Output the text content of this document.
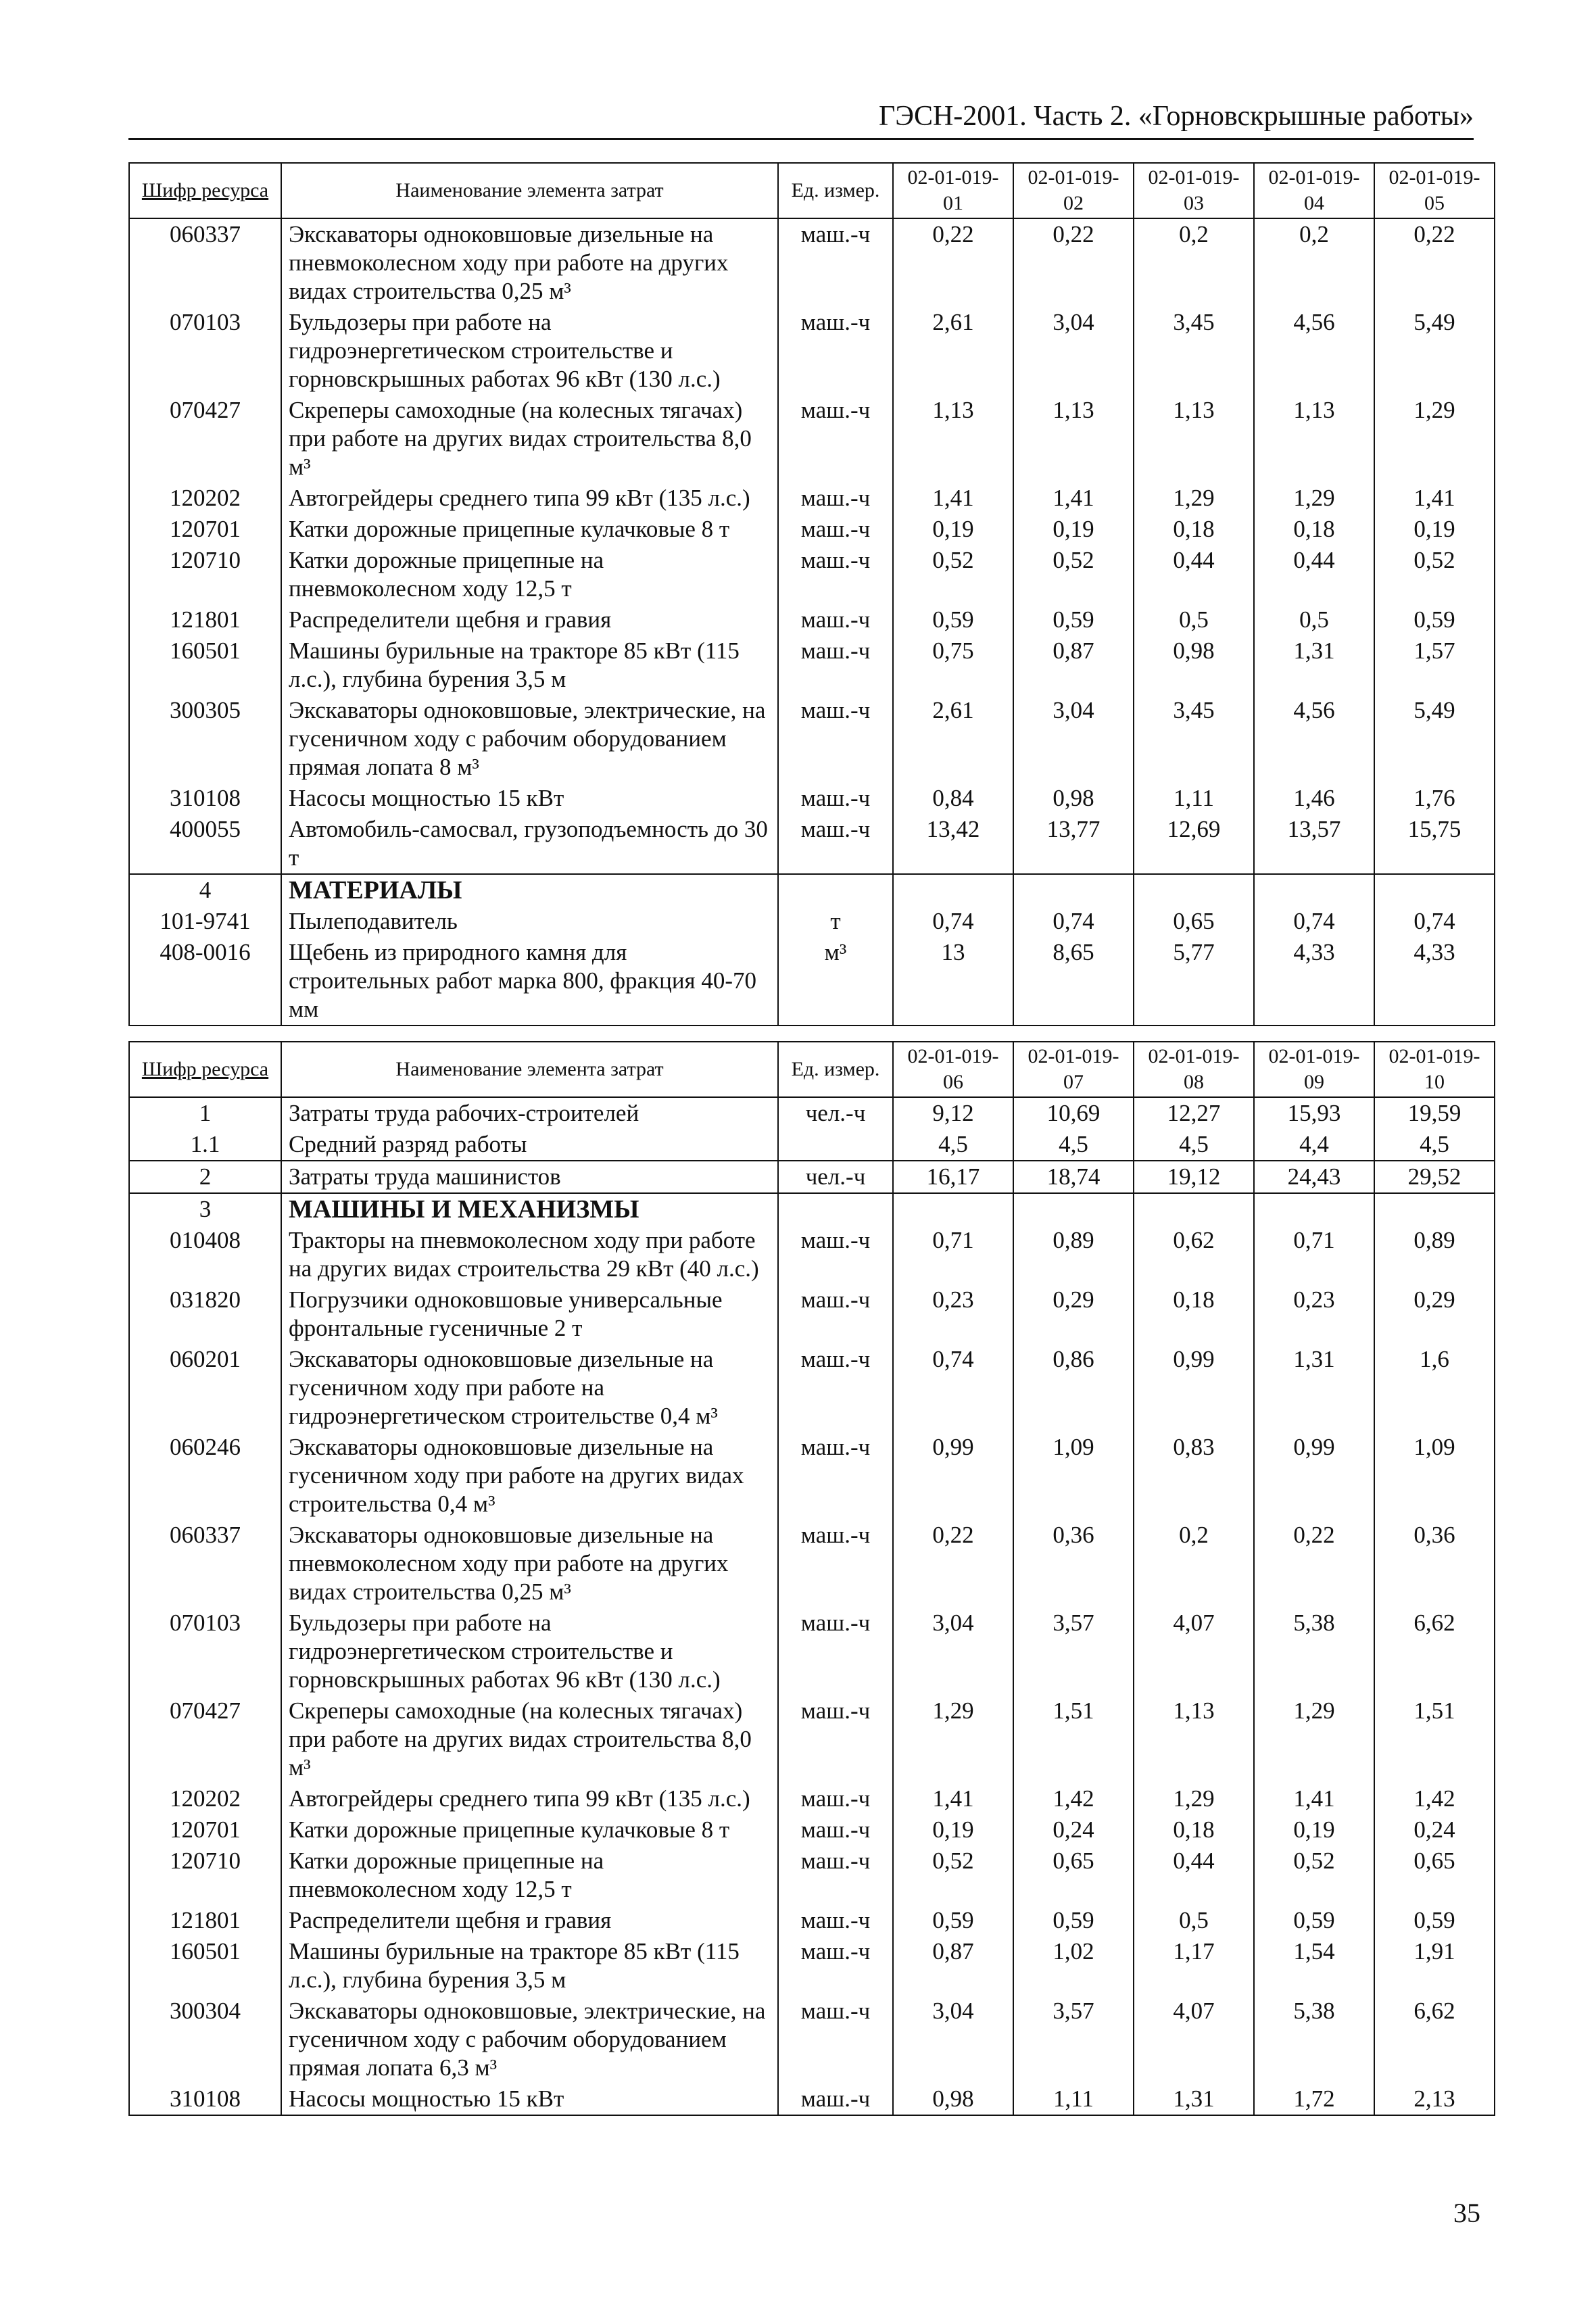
ГЭСН-2001. Часть 2. «Горновскрышные работы»
Шифр ресурса	Наименование элемента затрат	Ед. измер.	02-01-019-01	02-01-019-02	02-01-019-03	02-01-019-04	02-01-019-05
060337	Экскаваторы одноковшовые дизельные на пневмоколесном ходу при работе на других видах строительства 0,25 м³	маш.-ч	0,22	0,22	0,2	0,2	0,22
070103	Бульдозеры при работе на гидроэнергетическом строительстве и горновскрышных работах 96 кВт (130 л.с.)	маш.-ч	2,61	3,04	3,45	4,56	5,49
070427	Скреперы самоходные (на колесных тягачах) при работе на других видах строительства 8,0 м³	маш.-ч	1,13	1,13	1,13	1,13	1,29
120202	Автогрейдеры среднего типа 99 кВт (135 л.с.)	маш.-ч	1,41	1,41	1,29	1,29	1,41
120701	Катки дорожные прицепные кулачковые 8 т	маш.-ч	0,19	0,19	0,18	0,18	0,19
120710	Катки дорожные прицепные на пневмоколесном ходу 12,5 т	маш.-ч	0,52	0,52	0,44	0,44	0,52
121801	Распределители щебня и гравия	маш.-ч	0,59	0,59	0,5	0,5	0,59
160501	Машины бурильные на тракторе 85 кВт (115 л.с.), глубина бурения 3,5 м	маш.-ч	0,75	0,87	0,98	1,31	1,57
300305	Экскаваторы одноковшовые, электрические, на гусеничном ходу с рабочим оборудованием прямая лопата 8 м³	маш.-ч	2,61	3,04	3,45	4,56	5,49
310108	Насосы мощностью 15 кВт	маш.-ч	0,84	0,98	1,11	1,46	1,76
400055	Автомобиль-самосвал, грузоподъемность до 30 т	маш.-ч	13,42	13,77	12,69	13,57	15,75
4	МАТЕРИАЛЫ						
101-9741	Пылеподавитель	т	0,74	0,74	0,65	0,74	0,74
408-0016	Щебень из природного камня для строительных работ марка 800, фракция 40-70 мм	м³	13	8,65	5,77	4,33	4,33
Шифр ресурса	Наименование элемента затрат	Ед. измер.	02-01-019-06	02-01-019-07	02-01-019-08	02-01-019-09	02-01-019-10
1	Затраты труда рабочих-строителей	чел.-ч	9,12	10,69	12,27	15,93	19,59
1.1	Средний разряд работы		4,5	4,5	4,5	4,4	4,5
2	Затраты труда машинистов	чел.-ч	16,17	18,74	19,12	24,43	29,52
3	МАШИНЫ И МЕХАНИЗМЫ						
010408	Тракторы на пневмоколесном ходу при работе на других видах строительства 29 кВт (40 л.с.)	маш.-ч	0,71	0,89	0,62	0,71	0,89
031820	Погрузчики одноковшовые универсальные фронтальные гусеничные 2 т	маш.-ч	0,23	0,29	0,18	0,23	0,29
060201	Экскаваторы одноковшовые дизельные на гусеничном ходу при работе на гидроэнергетическом строительстве 0,4 м³	маш.-ч	0,74	0,86	0,99	1,31	1,6
060246	Экскаваторы одноковшовые дизельные на гусеничном ходу при работе на других видах строительства 0,4 м³	маш.-ч	0,99	1,09	0,83	0,99	1,09
060337	Экскаваторы одноковшовые дизельные на пневмоколесном ходу при работе на других видах строительства 0,25 м³	маш.-ч	0,22	0,36	0,2	0,22	0,36
070103	Бульдозеры при работе на гидроэнергетическом строительстве и горновскрышных работах 96 кВт (130 л.с.)	маш.-ч	3,04	3,57	4,07	5,38	6,62
070427	Скреперы самоходные (на колесных тягачах) при работе на других видах строительства 8,0 м³	маш.-ч	1,29	1,51	1,13	1,29	1,51
120202	Автогрейдеры среднего типа 99 кВт (135 л.с.)	маш.-ч	1,41	1,42	1,29	1,41	1,42
120701	Катки дорожные прицепные кулачковые 8 т	маш.-ч	0,19	0,24	0,18	0,19	0,24
120710	Катки дорожные прицепные на пневмоколесном ходу 12,5 т	маш.-ч	0,52	0,65	0,44	0,52	0,65
121801	Распределители щебня и гравия	маш.-ч	0,59	0,59	0,5	0,59	0,59
160501	Машины бурильные на тракторе 85 кВт (115 л.с.), глубина бурения 3,5 м	маш.-ч	0,87	1,02	1,17	1,54	1,91
300304	Экскаваторы одноковшовые, электрические, на гусеничном ходу с рабочим оборудованием прямая лопата 6,3 м³	маш.-ч	3,04	3,57	4,07	5,38	6,62
310108	Насосы мощностью 15 кВт	маш.-ч	0,98	1,11	1,31	1,72	2,13
35
